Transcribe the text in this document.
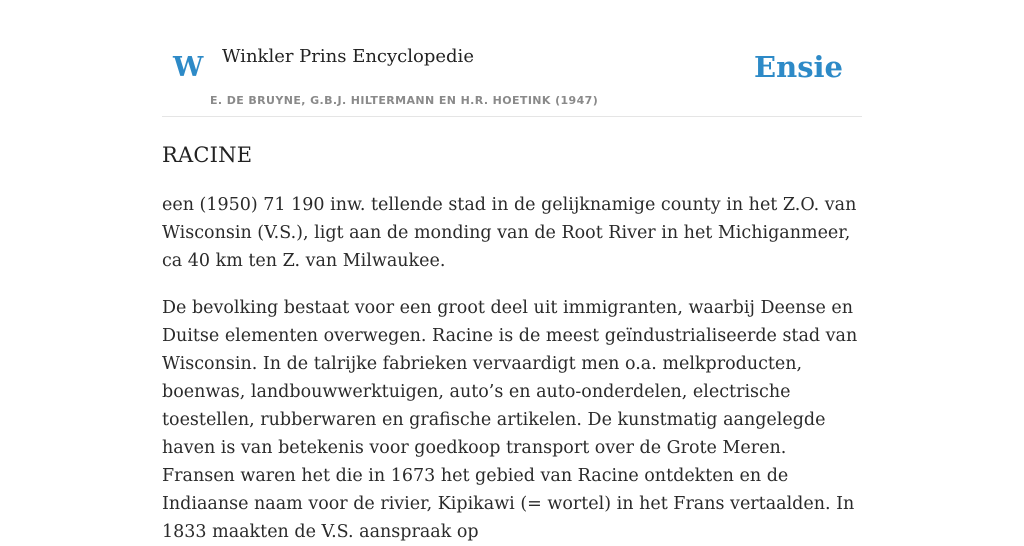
W Winkler Prins Encyclopedie
E. DE BRUYNE, G.B.J. HILTERMANN EN H.R. HOETINK (1947)
Ensie
RACINE

een (1950) 71 190 inw. tellende stad in de gelijknamige county in het Z.O. van Wisconsin (V.S.), ligt aan de monding van de Root River in het Michiganmeer, ca 40 km ten Z. van Milwaukee.

De bevolking bestaat voor een groot deel uit immigranten, waarbij Deense en Duitse elementen overwegen. Racine is de meest geïndustrialiseerde stad van Wisconsin. In de talrijke fabrieken vervaardigt men o.a. melkproducten, boenwas, landbouwwerktuigen, auto’s en auto-onderdelen, electrische toestellen, rubberwaren en grafische artikelen. De kunstmatig aangelegde haven is van betekenis voor goedkoop transport over de Grote Meren. Fransen waren het die in 1673 het gebied van Racine ontdekten en de Indiaanse naam voor de rivier, Kipikawi (= wortel) in het Frans vertaalden. In 1833 maakten de V.S. aanspraak op
